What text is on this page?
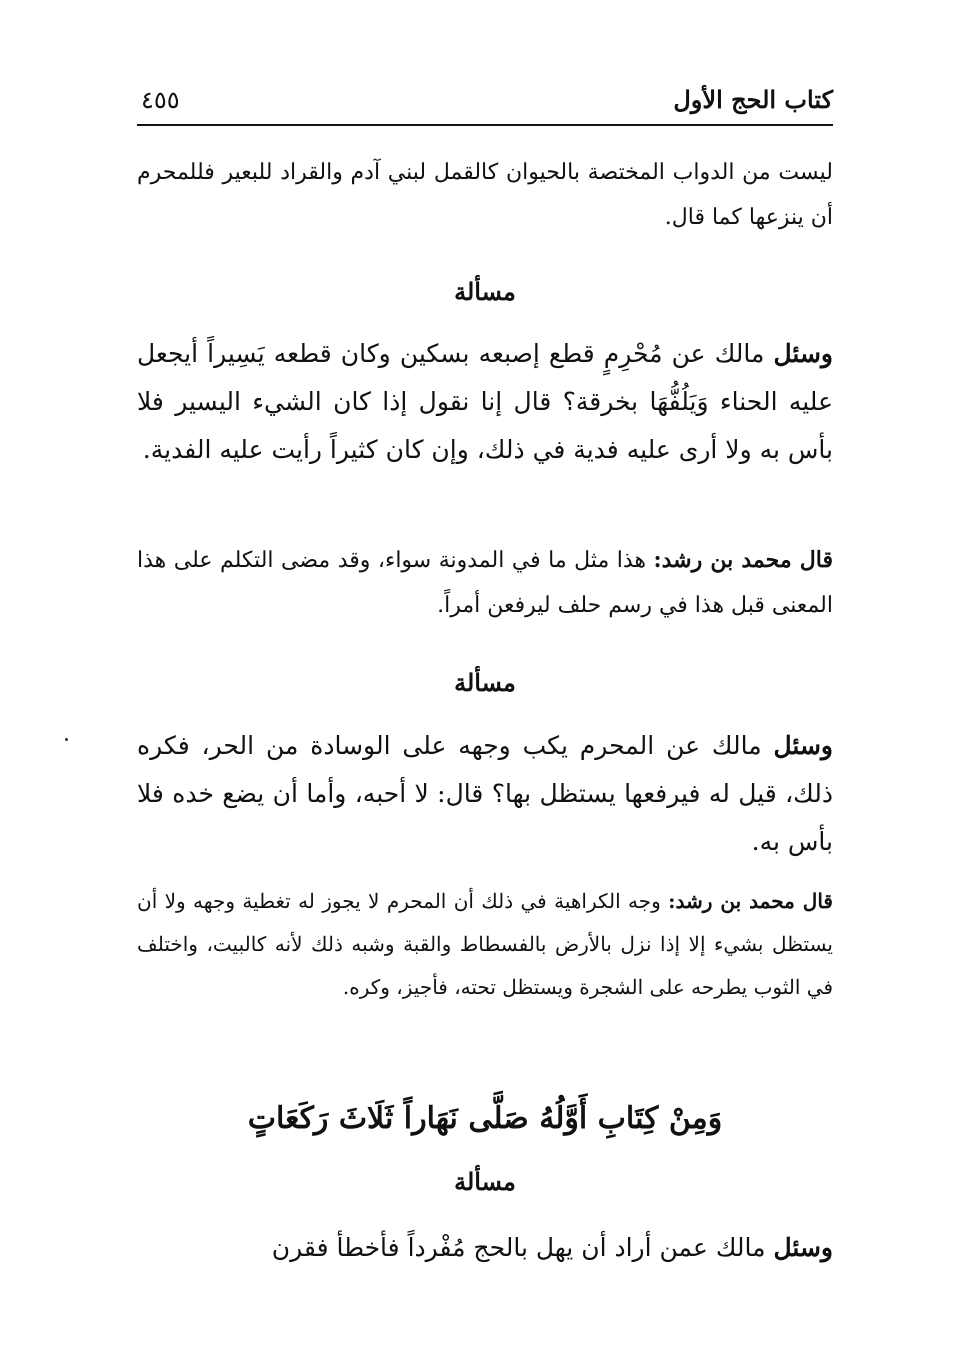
كتاب الحج الأول
٤٥٥

ليست من الدواب المختصة بالحيوان كالقمل لبني آدم والقراد للبعير فللمحرم أن ينزعها كما قال.

مسألة

وسئل مالك عن مُحْرِمٍ قطع إصبعه بسكين وكان قطعه يَسِيراً أيجعل عليه الحناء وَيَلُفُّهَا بخرقة؟ قال إنا نقول إذا كان الشيء اليسير فلا بأس به ولا أرى عليه فدية في ذلك، وإن كان كثيراً رأيت عليه الفدية.

قال محمد بن رشد: هذا مثل ما في المدونة سواء، وقد مضى التكلم على هذا المعنى قبل هذا في رسم حلف ليرفعن أمراً.

مسألة

وسئل مالك عن المحرم يكب وجهه على الوسادة من الحر، فكره ذلك، قيل له فيرفعها يستظل بها؟ قال: لا أحبه، وأما أن يضع خده فلا بأس به.

قال محمد بن رشد: وجه الكراهية في ذلك أن المحرم لا يجوز له تغطية وجهه ولا أن يستظل بشيء إلا إذا نزل بالأرض بالفسطاط والقبة وشبه ذلك لأنه كالبيت، واختلف في الثوب يطرحه على الشجرة ويستظل تحته، فأجيز، وكره.

وَمِنْ كِتَابِ أَوَّلُهُ صَلَّى نَهَاراً ثَلَاثَ رَكَعَاتٍ
مسألة

وسئل مالك عمن أراد أن يهل بالحج مُفْرداً فأخطأ فقرن
